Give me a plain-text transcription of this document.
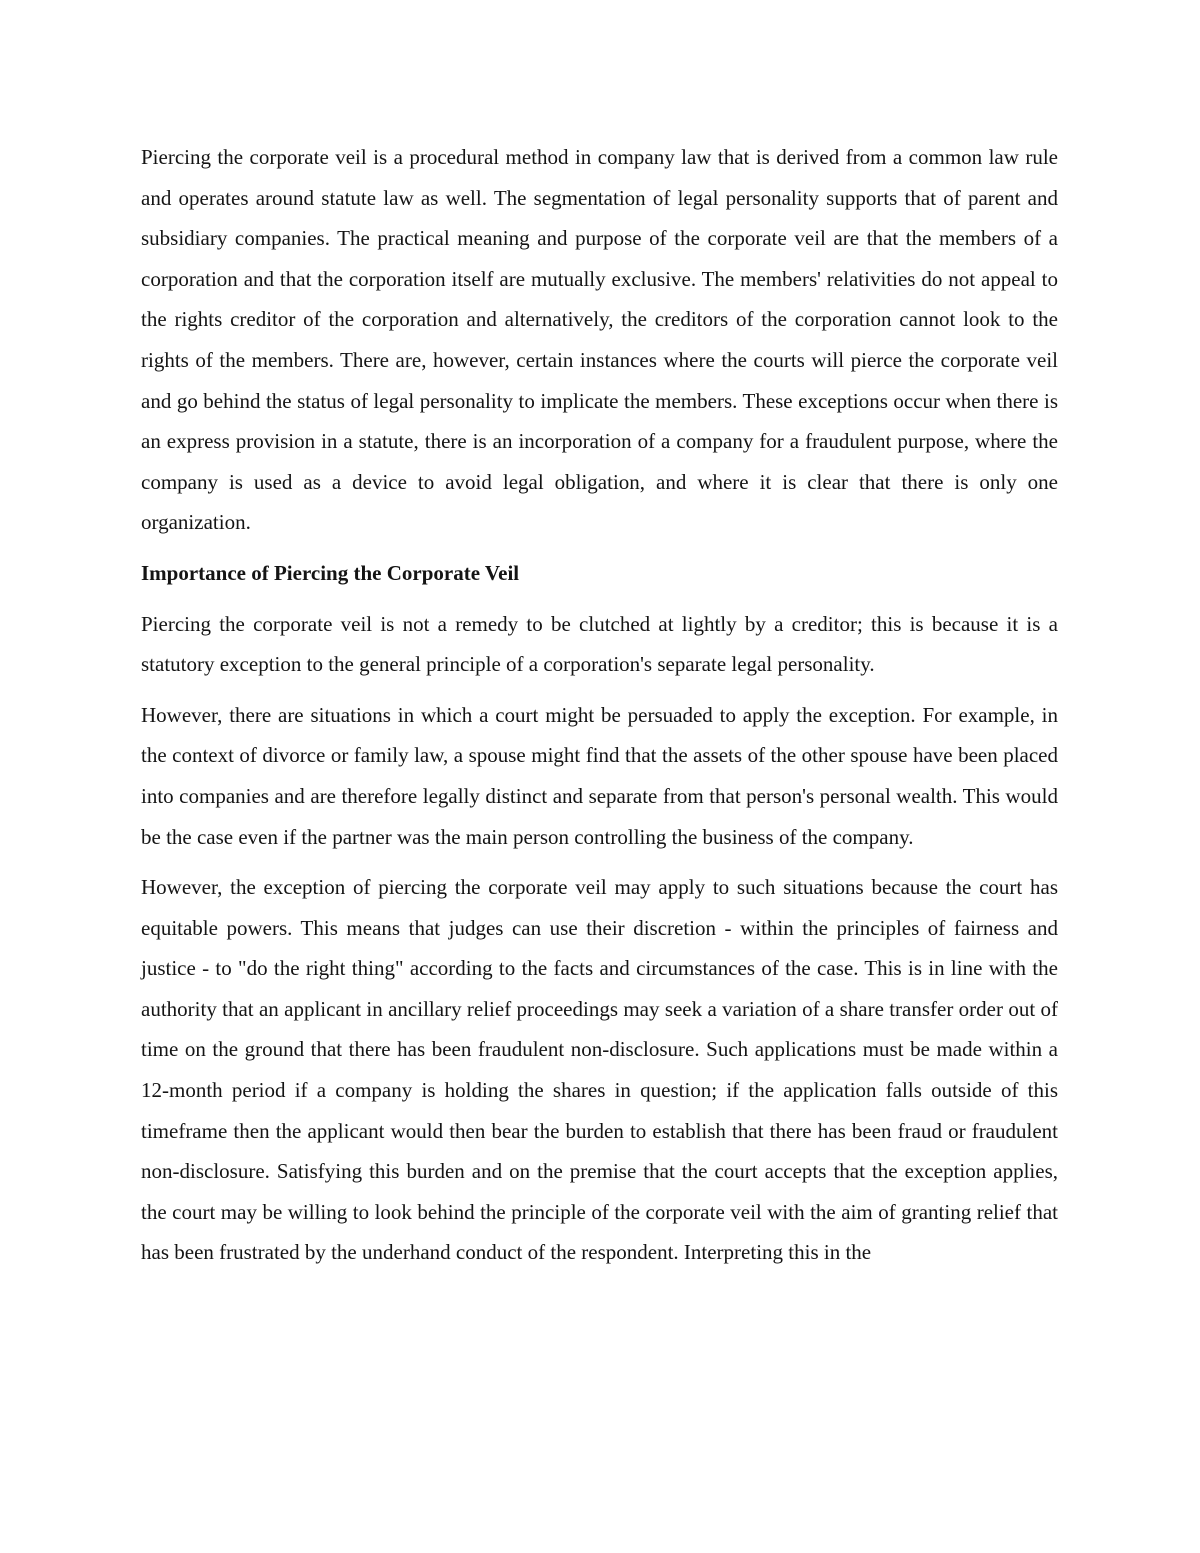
Piercing the corporate veil is a procedural method in company law that is derived from a common law rule and operates around statute law as well. The segmentation of legal personality supports that of parent and subsidiary companies. The practical meaning and purpose of the corporate veil are that the members of a corporation and that the corporation itself are mutually exclusive. The members' relativities do not appeal to the rights creditor of the corporation and alternatively, the creditors of the corporation cannot look to the rights of the members. There are, however, certain instances where the courts will pierce the corporate veil and go behind the status of legal personality to implicate the members. These exceptions occur when there is an express provision in a statute, there is an incorporation of a company for a fraudulent purpose, where the company is used as a device to avoid legal obligation, and where it is clear that there is only one organization.

Importance of Piercing the Corporate Veil

Piercing the corporate veil is not a remedy to be clutched at lightly by a creditor; this is because it is a statutory exception to the general principle of a corporation's separate legal personality.

However, there are situations in which a court might be persuaded to apply the exception. For example, in the context of divorce or family law, a spouse might find that the assets of the other spouse have been placed into companies and are therefore legally distinct and separate from that person's personal wealth. This would be the case even if the partner was the main person controlling the business of the company.

However, the exception of piercing the corporate veil may apply to such situations because the court has equitable powers. This means that judges can use their discretion - within the principles of fairness and justice - to "do the right thing" according to the facts and circumstances of the case. This is in line with the authority that an applicant in ancillary relief proceedings may seek a variation of a share transfer order out of time on the ground that there has been fraudulent non-disclosure. Such applications must be made within a 12-month period if a company is holding the shares in question; if the application falls outside of this timeframe then the applicant would then bear the burden to establish that there has been fraud or fraudulent non-disclosure. Satisfying this burden and on the premise that the court accepts that the exception applies, the court may be willing to look behind the principle of the corporate veil with the aim of granting relief that has been frustrated by the underhand conduct of the respondent. Interpreting this in the
